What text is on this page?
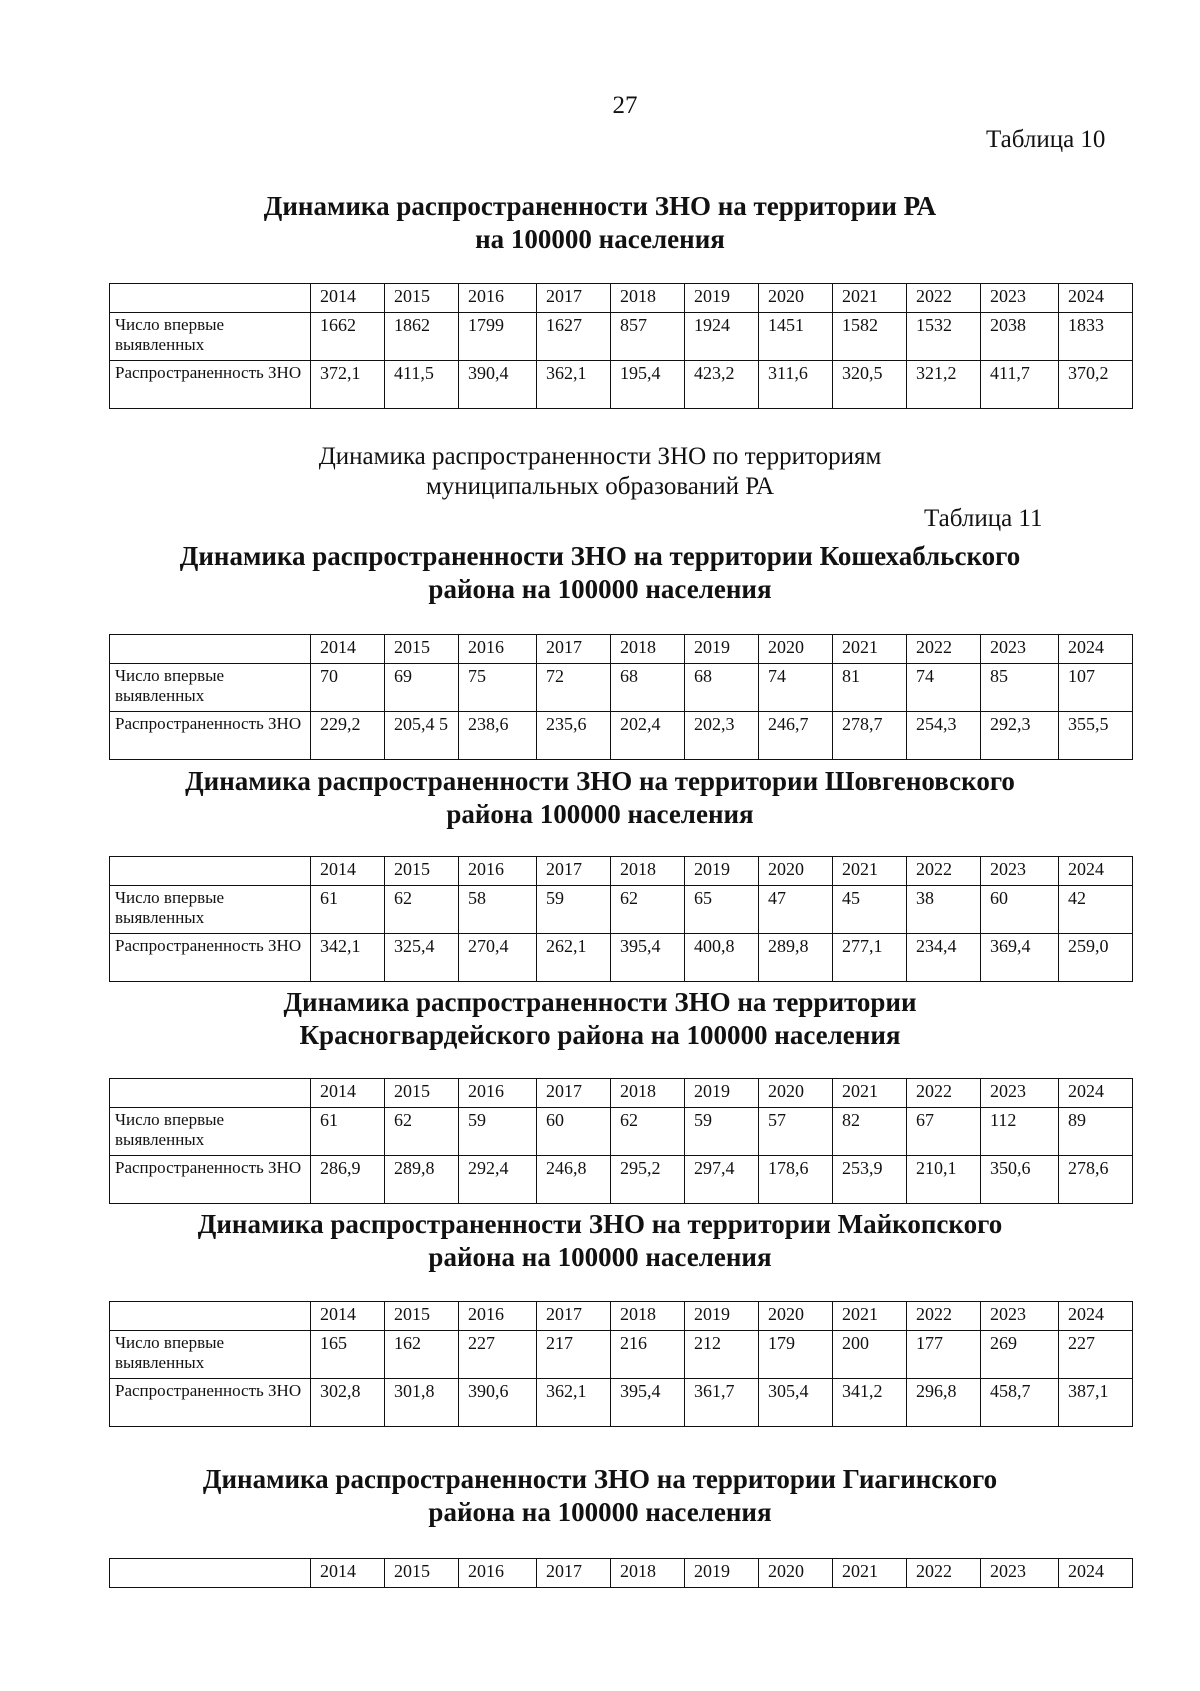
27
Таблица 10
Динамика распространенности ЗНО на территории РА
на 100000 населения
	2014	2015	2016	2017	2018	2019	2020	2021	2022	2023	2024
Число впервые выявленных	1662	1862	1799	1627	857	1924	1451	1582	1532	2038	1833
Распространенность ЗНО	372,1	411,5	390,4	362,1	195,4	423,2	311,6	320,5	321,2	411,7	370,2
Динамика распространенности ЗНО по территориям
муниципальных образований РА
Таблица 11
Динамика распространенности ЗНО на территории Кошехабльского
района на 100000 населения
	2014	2015	2016	2017	2018	2019	2020	2021	2022	2023	2024
Число впервые выявленных	70	69	75	72	68	68	74	81	74	85	107
Распространенность ЗНО	229,2	205,4 5	238,6	235,6	202,4	202,3	246,7	278,7	254,3	292,3	355,5
Динамика распространенности ЗНО на территории Шовгеновского
района 100000 населения
	2014	2015	2016	2017	2018	2019	2020	2021	2022	2023	2024
Число впервые выявленных	61	62	58	59	62	65	47	45	38	60	42
Распространенность ЗНО	342,1	325,4	270,4	262,1	395,4	400,8	289,8	277,1	234,4	369,4	259,0
Динамика распространенности ЗНО на территории
Красногвардейского района на 100000 населения
	2014	2015	2016	2017	2018	2019	2020	2021	2022	2023	2024
Число впервые выявленных	61	62	59	60	62	59	57	82	67	112	89
Распространенность ЗНО	286,9	289,8	292,4	246,8	295,2	297,4	178,6	253,9	210,1	350,6	278,6
Динамика распространенности ЗНО на территории Майкопского
района на 100000 населения
	2014	2015	2016	2017	2018	2019	2020	2021	2022	2023	2024
Число впервые выявленных	165	162	227	217	216	212	179	200	177	269	227
Распространенность ЗНО	302,8	301,8	390,6	362,1	395,4	361,7	305,4	341,2	296,8	458,7	387,1
Динамика распространенности ЗНО на территории Гиагинского
района на 100000 населения
	2014	2015	2016	2017	2018	2019	2020	2021	2022	2023	2024
